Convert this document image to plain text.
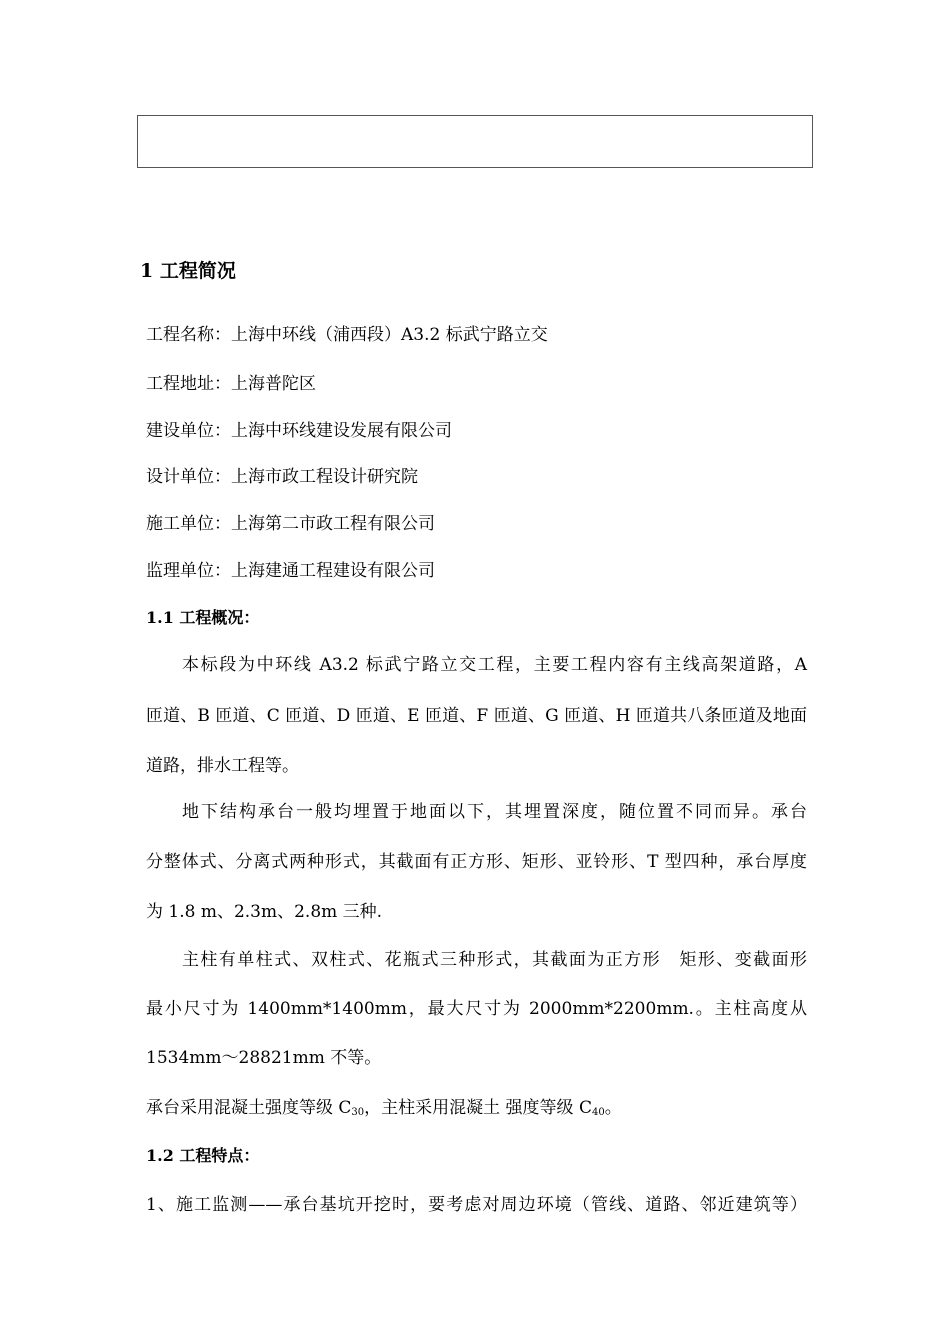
1 工程简况

工程名称：上海中环线（浦西段）A3.2 标武宁路立交

工程地址：上海普陀区

建设单位：上海中环线建设发展有限公司

设计单位：上海市政工程设计研究院

施工单位：上海第二市政工程有限公司

监理单位：上海建通工程建设有限公司

1.1 工程概况：

本标段为中环线 A3.2 标武宁路立交工程，主要工程内容有主线高架道路，A

匝道、B 匝道、C 匝道、D 匝道、E 匝道、F 匝道、G 匝道、H 匝道共八条匝道及地面

道路，排水工程等。

地下结构承台一般均埋置于地面以下，其埋置深度，随位置不同而异。承台

分整体式、分离式两种形式，其截面有正方形、矩形、亚铃形、T 型四种，承台厚度

为 1.8 m、2.3m、2.8m 三种.

主柱有单柱式、双柱式、花瓶式三种形式，其截面为正方形　矩形、变截面形

最小尺寸为 1400mm*1400mm，最大尺寸为 2000mm*2200mm.。主柱高度从

1534mm～28821mm 不等。

承台采用混凝土强度等级 $C_{30}$，主柱采用混凝土 强度等级 $C_{40}$。

1.2 工程特点：

1、施工监测——承台基坑开挖时，要考虑对周边环境（管线、道路、邻近建筑等）
